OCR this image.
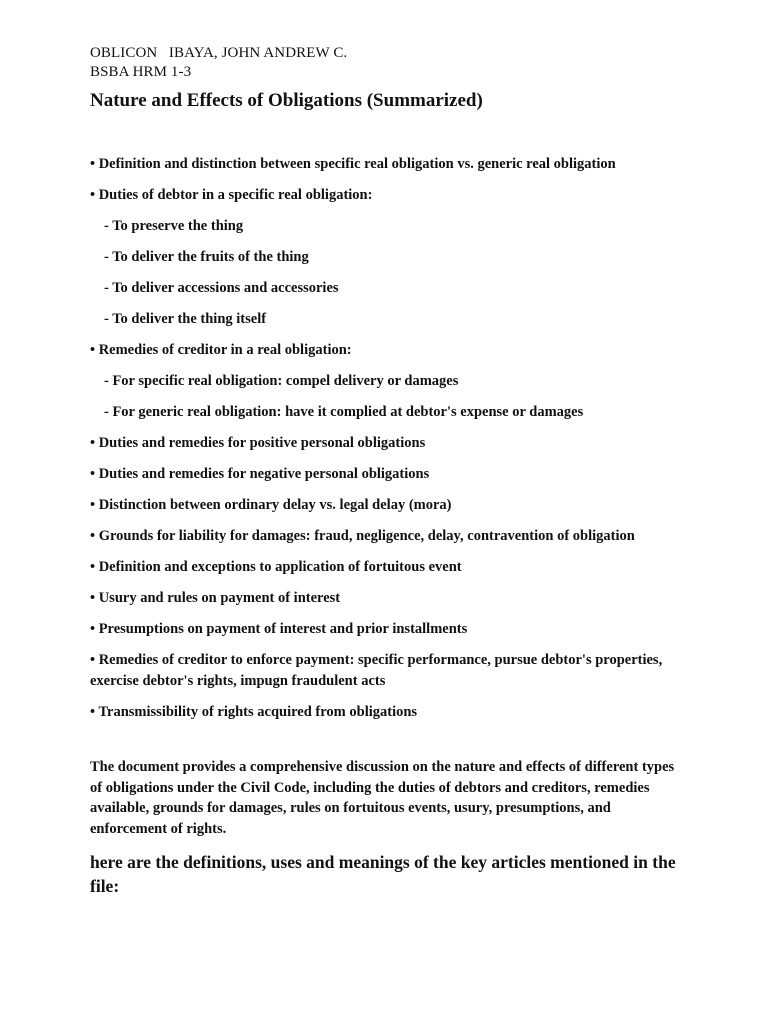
OBLICON   IBAYA, JOHN ANDREW C.
BSBA HRM 1-3
Nature and Effects of Obligations (Summarized)
• Definition and distinction between specific real obligation vs. generic real obligation
• Duties of debtor in a specific real obligation:
- To preserve the thing
- To deliver the fruits of the thing
- To deliver accessions and accessories
- To deliver the thing itself
• Remedies of creditor in a real obligation:
- For specific real obligation: compel delivery or damages
- For generic real obligation: have it complied at debtor's expense or damages
• Duties and remedies for positive personal obligations
• Duties and remedies for negative personal obligations
• Distinction between ordinary delay vs. legal delay (mora)
• Grounds for liability for damages: fraud, negligence, delay, contravention of obligation
• Definition and exceptions to application of fortuitous event
• Usury and rules on payment of interest
• Presumptions on payment of interest and prior installments
• Remedies of creditor to enforce payment: specific performance, pursue debtor's properties, exercise debtor's rights, impugn fraudulent acts
• Transmissibility of rights acquired from obligations
The document provides a comprehensive discussion on the nature and effects of different types of obligations under the Civil Code, including the duties of debtors and creditors, remedies available, grounds for damages, rules on fortuitous events, usury, presumptions, and enforcement of rights.
here are the definitions, uses and meanings of the key articles mentioned in the file:
